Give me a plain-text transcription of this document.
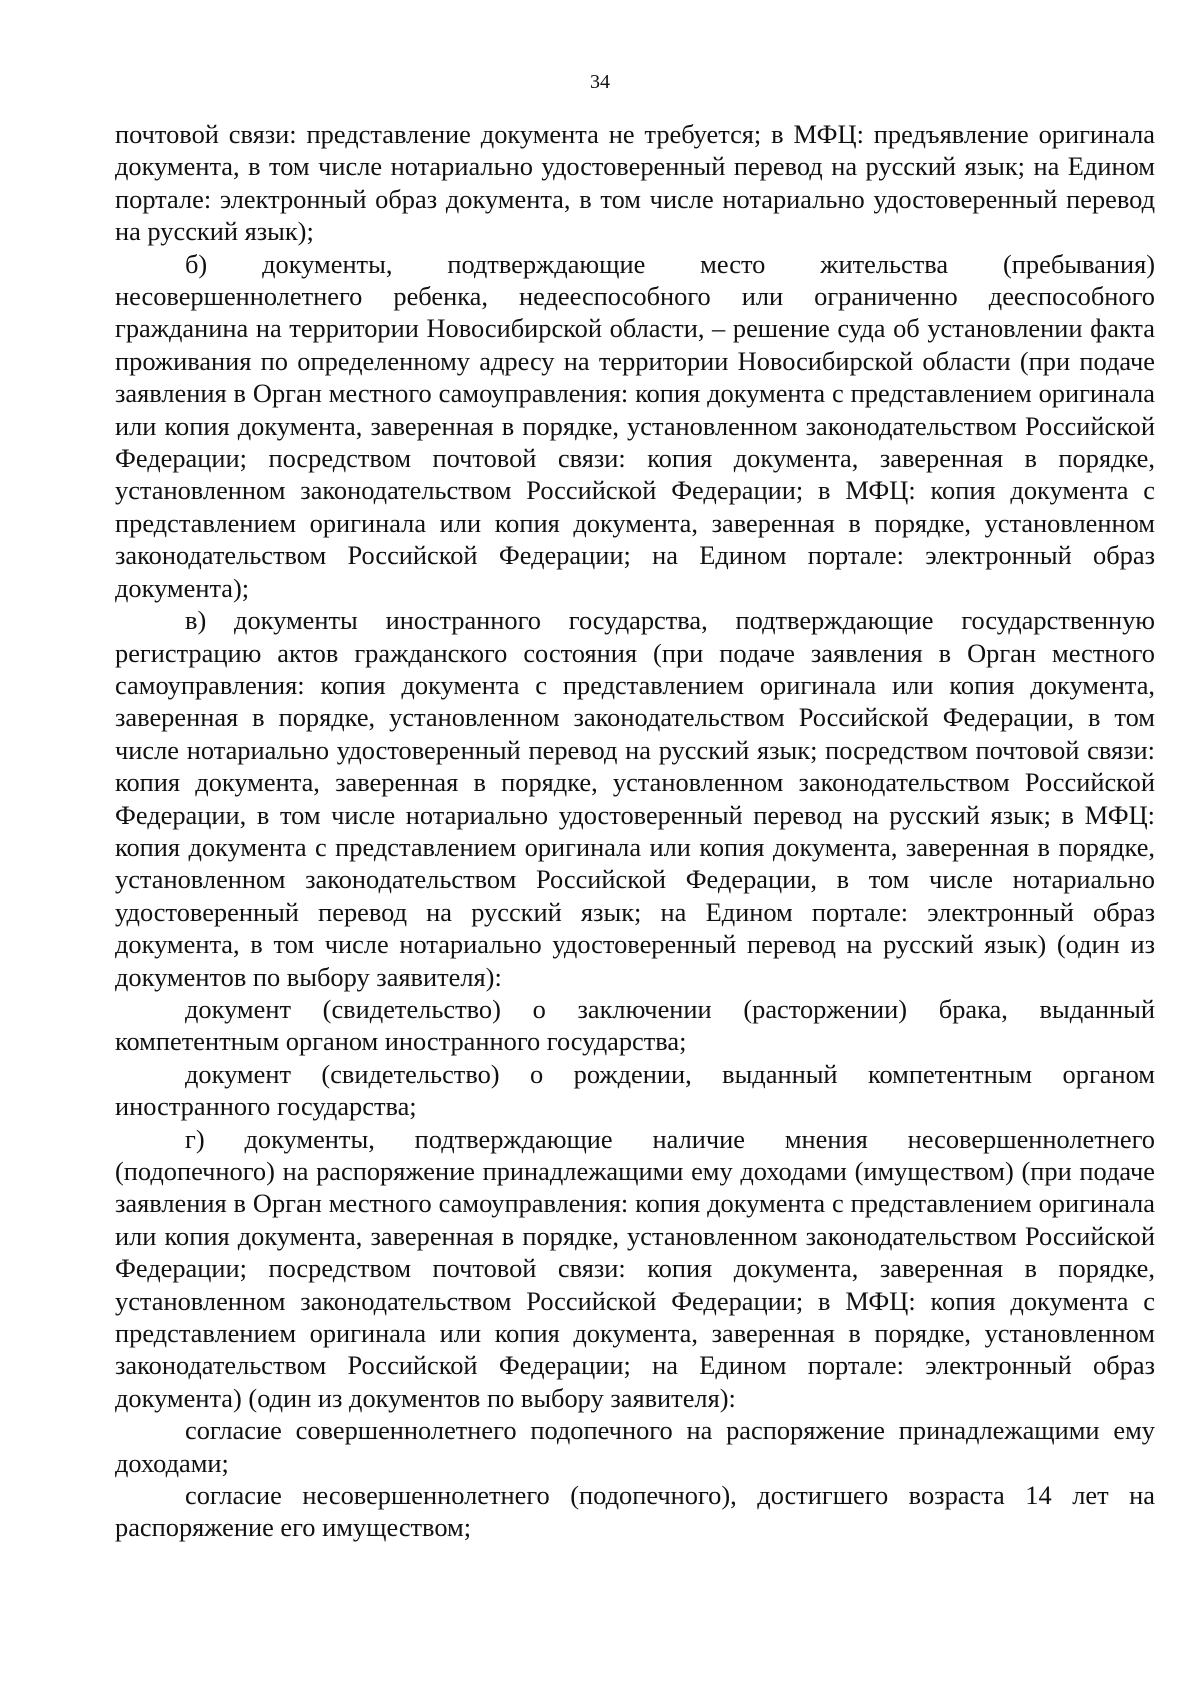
34

почтовой связи: представление документа не требуется; в МФЦ: предъявление оригинала документа, в том числе нотариально удостоверенный перевод на русский язык; на Едином портале: электронный образ документа, в том числе нотариально удостоверенный перевод на русский язык);

б) документы, подтверждающие место жительства (пребывания) несовершеннолетнего ребенка, недееспособного или ограниченно дееспособного гражданина на территории Новосибирской области, – решение суда об установлении факта проживания по определенному адресу на территории Новосибирской области (при подаче заявления в Орган местного самоуправления: копия документа с представлением оригинала или копия документа, заверенная в порядке, установленном законодательством Российской Федерации; посредством почтовой связи: копия документа, заверенная в порядке, установленном законодательством Российской Федерации; в МФЦ: копия документа с представлением оригинала или копия документа, заверенная в порядке, установленном законодательством Российской Федерации; на Едином портале: электронный образ документа);

в) документы иностранного государства, подтверждающие государственную регистрацию актов гражданского состояния (при подаче заявления в Орган местного самоуправления: копия документа с представлением оригинала или копия документа, заверенная в порядке, установленном законодательством Российской Федерации, в том числе нотариально удостоверенный перевод на русский язык; посредством почтовой связи: копия документа, заверенная в порядке, установленном законодательством Российской Федерации, в том числе нотариально удостоверенный перевод на русский язык; в МФЦ: копия документа с представлением оригинала или копия документа, заверенная в порядке, установленном законодательством Российской Федерации, в том числе нотариально удостоверенный перевод на русский язык; на Едином портале: электронный образ документа, в том числе нотариально удостоверенный перевод на русский язык) (один из документов по выбору заявителя):

документ (свидетельство) о заключении (расторжении) брака, выданный компетентным органом иностранного государства;

документ (свидетельство) о рождении, выданный компетентным органом иностранного государства;

г) документы, подтверждающие наличие мнения несовершеннолетнего (подопечного) на распоряжение принадлежащими ему доходами (имуществом) (при подаче заявления в Орган местного самоуправления: копия документа с представлением оригинала или копия документа, заверенная в порядке, установленном законодательством Российской Федерации; посредством почтовой связи: копия документа, заверенная в порядке, установленном законодательством Российской Федерации; в МФЦ: копия документа с представлением оригинала или копия документа, заверенная в порядке, установленном законодательством Российской Федерации; на Едином портале: электронный образ документа) (один из документов по выбору заявителя):

согласие совершеннолетнего подопечного на распоряжение принадлежащими ему доходами;

согласие несовершеннолетнего (подопечного), достигшего возраста 14 лет на распоряжение его имуществом;
